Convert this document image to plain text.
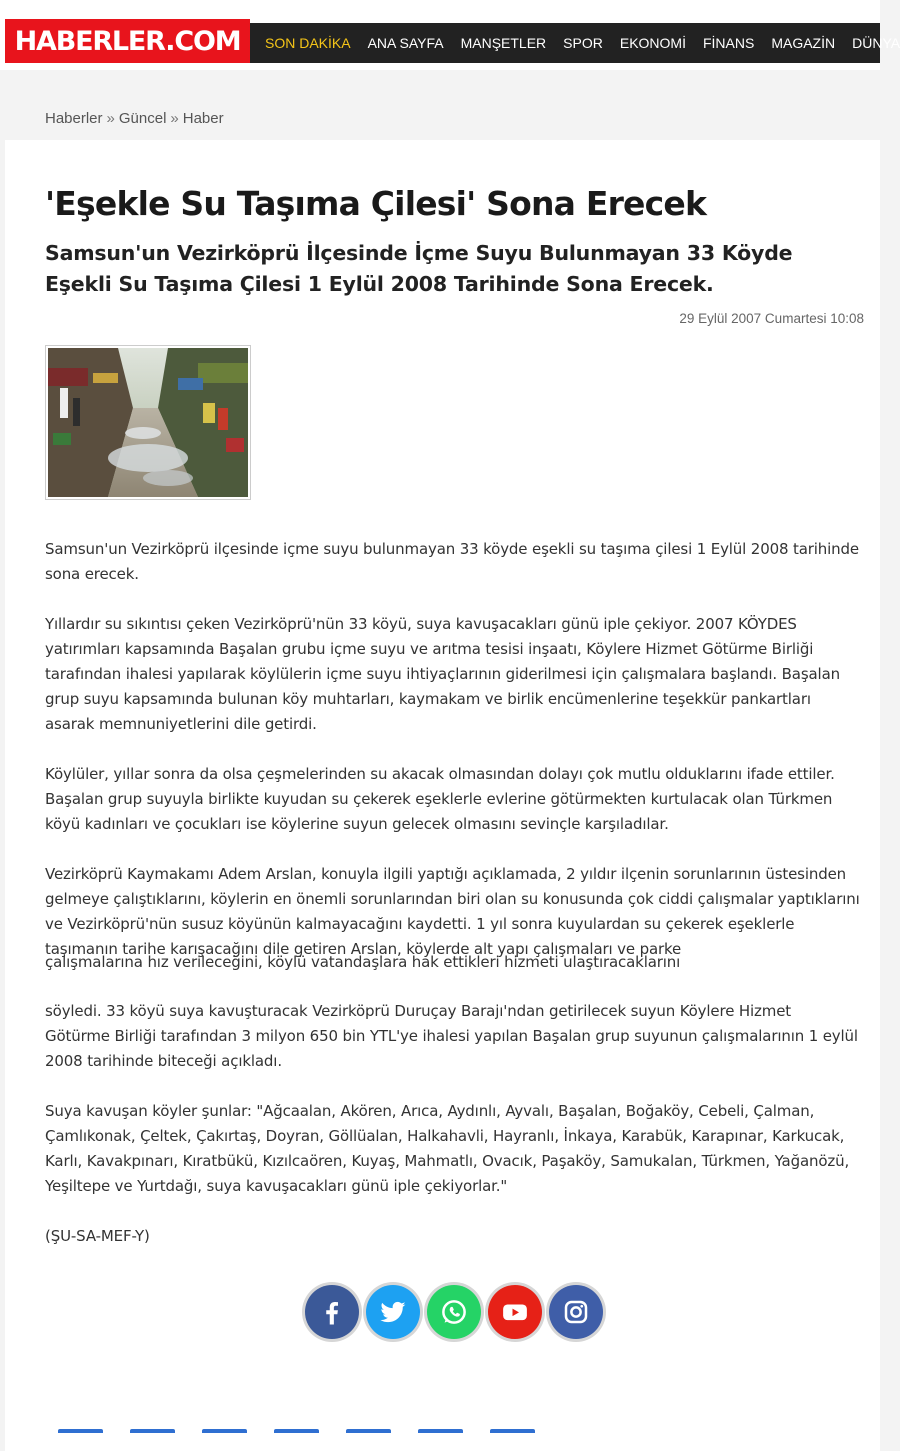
HABERLER.COM SON DAKİKA ANA SAYFA MANŞETLER SPOR EKONOMİ FİNANS MAGAZİN DÜNYA
Haberler » Güncel » Haber
'Eşekle Su Taşıma Çilesi' Sona Erecek
Samsun'un Vezirköprü İlçesinde İçme Suyu Bulunmayan 33 Köyde Eşekli Su Taşıma Çilesi 1 Eylül 2008 Tarihinde Sona Erecek.
29 Eylül 2007 Cumartesi 10:08

Samsun'un Vezirköprü ilçesinde içme suyu bulunmayan 33 köyde eşekli su taşıma çilesi 1 Eylül 2008 tarihinde sona erecek.

Yıllardır su sıkıntısı çeken Vezirköprü'nün 33 köyü, suya kavuşacakları günü iple çekiyor. 2007 KÖYDES yatırımları kapsamında Başalan grubu içme suyu ve arıtma tesisi inşaatı, Köylere Hizmet Götürme Birliği tarafından ihalesi yapılarak köylülerin içme suyu ihtiyaçlarının giderilmesi için çalışmalara başlandı. Başalan grup suyu kapsamında bulunan köy muhtarları, kaymakam ve birlik encümenlerine teşekkür pankartları asarak memnuniyetlerini dile getirdi.

Köylüler, yıllar sonra da olsa çeşmelerinden su akacak olmasından dolayı çok mutlu olduklarını ifade ettiler. Başalan grup suyuyla birlikte kuyudan su çekerek eşeklerle evlerine götürmekten kurtulacak olan Türkmen köyü kadınları ve çocukları ise köylerine suyun gelecek olmasını sevinçle karşıladılar.

Vezirköprü Kaymakamı Adem Arslan, konuyla ilgili yaptığı açıklamada, 2 yıldır ilçenin sorunlarının üstesinden gelmeye çalıştıklarını, köylerin en önemli sorunlarından biri olan su konusunda çok ciddi çalışmalar yaptıklarını ve Vezirköprü'nün susuz köyünün kalmayacağını kaydetti. 1 yıl sonra kuyulardan su çekerek eşeklerle taşımanın tarihe karışacağını dile getiren Arslan, köylerde alt yapı çalışmaları ve parke

çalışmalarına hız verileceğini, köylü vatandaşlara hak ettikleri hizmeti ulaştıracaklarını

söyledi. 33 köyü suya kavuşturacak Vezirköprü Duruçay Barajı'ndan getirilecek suyun Köylere Hizmet Götürme Birliği tarafından 3 milyon 650 bin YTL'ye ihalesi yapılan Başalan grup suyunun çalışmalarının 1 eylül 2008 tarihinde biteceği açıkladı.

Suya kavuşan köyler şunlar: "Ağcaalan, Akören, Arıca, Aydınlı, Ayvalı, Başalan, Boğaköy, Cebeli, Çalman, Çamlıkonak, Çeltek, Çakırtaş, Doyran, Göllüalan, Halkahavli, Hayranlı, İnkaya, Karabük, Karapınar, Karkucak, Karlı, Kavakpınarı, Kıratbükü, Kızılcaören, Kuyaş, Mahmatlı, Ovacık, Paşaköy, Samukalan, Türkmen, Yağanözü, Yeşiltepe ve Yurtdağı, suya kavuşacakları günü iple çekiyorlar."

(ŞU-SA-MEF-Y)
